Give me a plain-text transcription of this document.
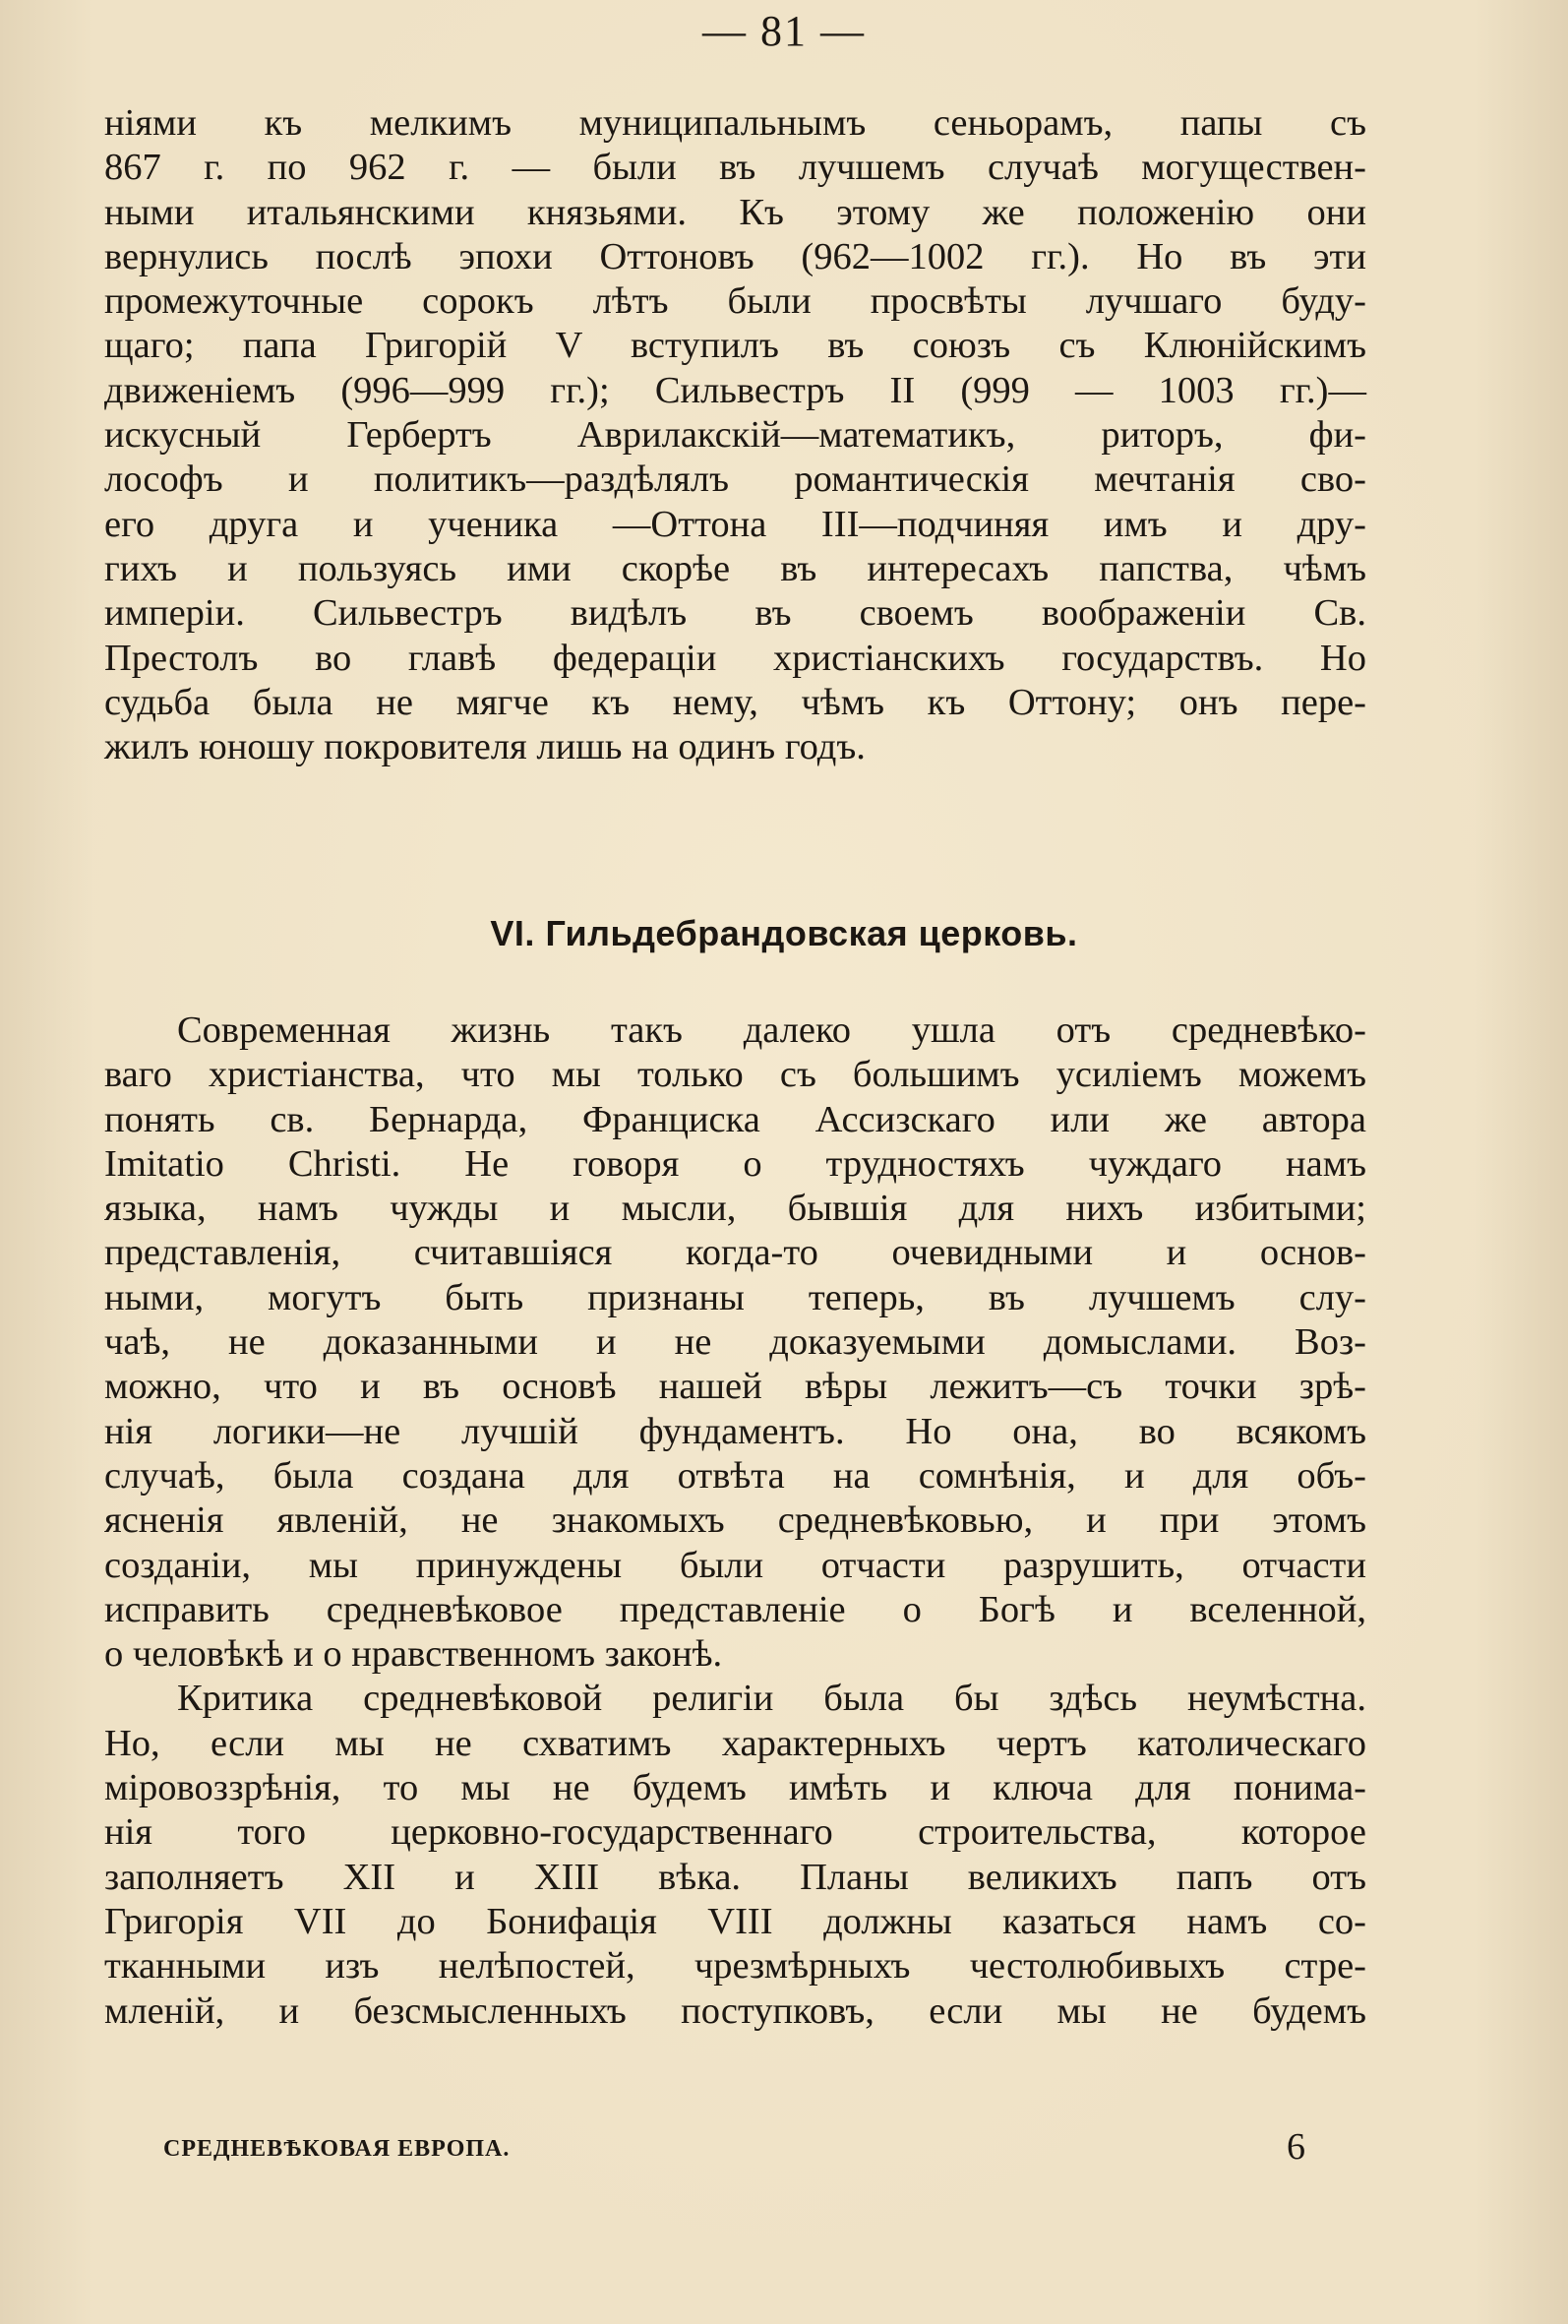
— 81 —
нiями къ мелкимъ муниципальнымъ сеньорамъ, папы съ
867 г. по 962 г. — были въ лучшемъ случаѣ могуществен-
ными итальянскими князьями. Къ этому же положенiю они
вернулись послѣ эпохи Оттоновъ (962—1002 гг.). Но въ эти
промежуточные сорокъ лѣтъ были просвѣты лучшаго буду-
щаго; папа Григорiй V вступилъ въ союзъ съ Клюнiйскимъ
движенiемъ (996—999 гг.); Сильвестръ II (999 — 1003 гг.)—
искусный Гербертъ Аврилакскiй—математикъ, риторъ, фи-
лософъ и политикъ—раздѣлялъ романтическiя мечтанiя сво-
его друга и ученика —Оттона III—подчиняя имъ и дру-
гихъ и пользуясь ими скорѣе въ интересахъ папства, чѣмъ
имперiи. Сильвестръ видѣлъ въ своемъ воображенiи Св.
Престолъ во главѣ федерацiи христiанскихъ государствъ. Но
судьба была не мягче къ нему, чѣмъ къ Оттону; онъ пере-
жилъ юношу покровителя лишь на одинъ годъ.
VI. Гильдебрандовская церковь.
Современная жизнь такъ далеко ушла отъ средневѣко-
ваго христiанства, что мы только съ большимъ усилiемъ можемъ
понять св. Бернарда, Франциска Ассизскаго или же автора
Imitatio Christi. Не говоря о трудностяхъ чуждаго намъ
языка, намъ чужды и мысли, бывшiя для нихъ избитыми;
представленiя, считавшiяся когда-то очевидными и основ-
ными, могутъ быть признаны теперь, въ лучшемъ слу-
чаѣ, не доказанными и не доказуемыми домыслами. Воз-
можно, что и въ основѣ нашей вѣры лежитъ—съ точки зрѣ-
нiя логики—не лучшiй фундаментъ. Но она, во всякомъ
случаѣ, была создана для отвѣта на сомнѣнiя, и для объ-
ясненiя явленiй, не знакомыхъ средневѣковью, и при этомъ
созданiи, мы принуждены были отчасти разрушить, отчасти
исправить средневѣковое представленiе о Богѣ и вселенной,
о человѣкѣ и о нравственномъ законѣ.
Критика средневѣковой религiи была бы здѣсь неумѣстна.
Но, если мы не схватимъ характерныхъ чертъ католическаго
мiровоззрѣнiя, то мы не будемъ имѣть и ключа для понима-
нiя того церковно-государственнаго строительства, которое
заполняетъ XII и XIII вѣка. Планы великихъ папъ отъ
Григорiя VII до Бонифацiя VIII должны казаться намъ со-
тканными изъ нелѣпостей, чрезмѣрныхъ честолюбивыхъ стре-
мленiй, и безсмысленныхъ поступковъ, если мы не будемъ
СРЕДНЕВѢКОВАЯ ЕВРОПА.	6
